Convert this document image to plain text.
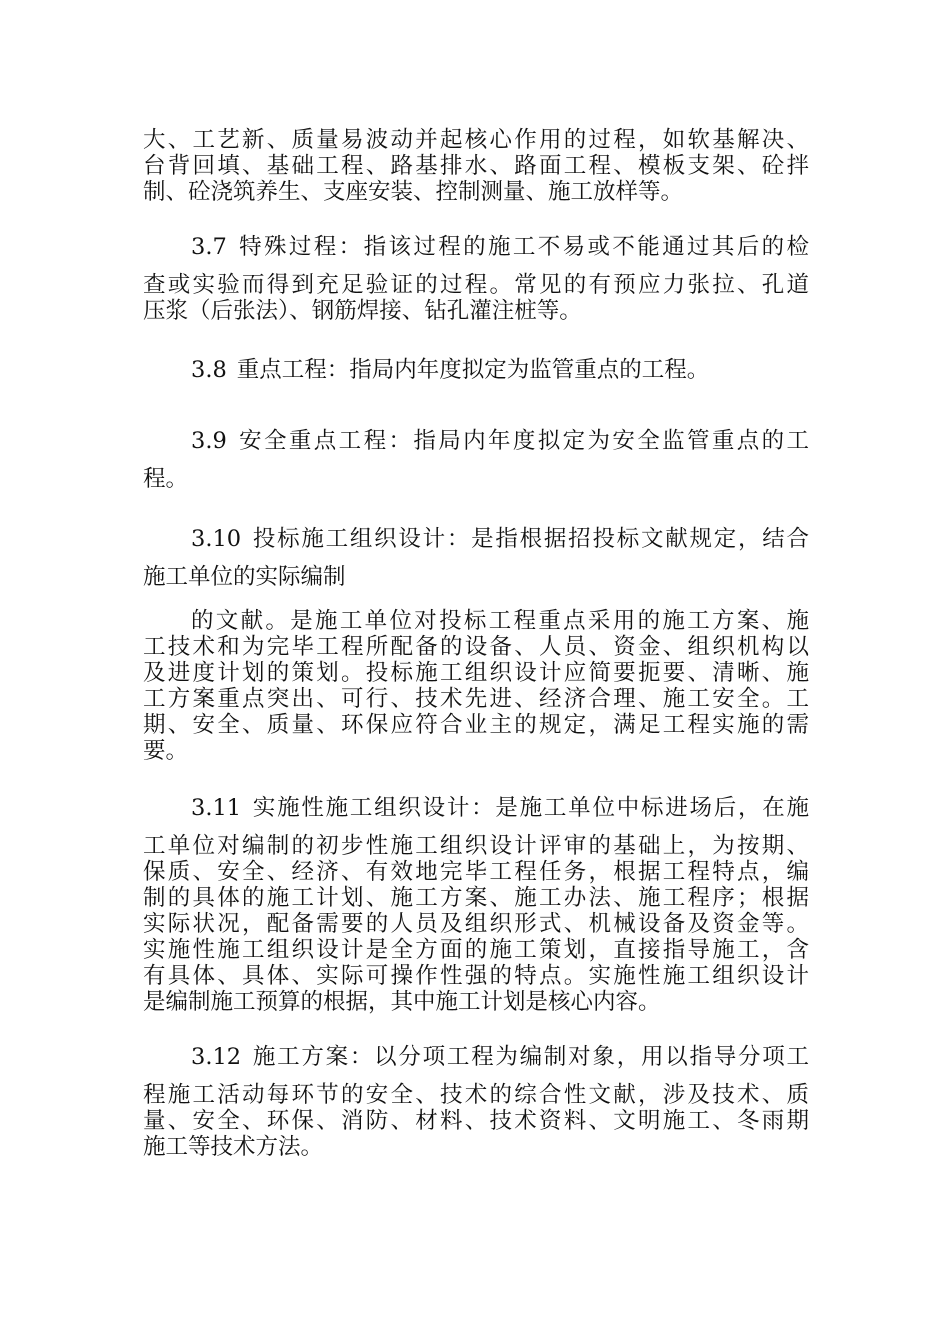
大、工艺新、质量易波动并起核心作用的过程，如软基解决、
台背回填、基础工程、路基排水、路面工程、模板支架、砼拌
制、砼浇筑养生、支座安装、控制测量、施工放样等。
3.7 特殊过程：指该过程的施工不易或不能通过其后的检
查或实验而得到充足验证的过程。常见的有预应力张拉、孔道
压浆（后张法）、钢筋焊接、钻孔灌注桩等。
3.8 重点工程：指局内年度拟定为监管重点的工程。
3.9 安全重点工程：指局内年度拟定为安全监管重点的工
程。
3.10 投标施工组织设计：是指根据招投标文献规定，结合
施工单位的实际编制
的文献。是施工单位对投标工程重点采用的施工方案、施
工技术和为完毕工程所配备的设备、人员、资金、组织机构以
及进度计划的策划。投标施工组织设计应简要扼要、清晰、施
工方案重点突出、可行、技术先进、经济合理、施工安全。工
期、安全、质量、环保应符合业主的规定，满足工程实施的需
要。
3.11 实施性施工组织设计：是施工单位中标进场后，在施
工单位对编制的初步性施工组织设计评审的基础上，为按期、
保质、安全、经济、有效地完毕工程任务，根据工程特点，编
制的具体的施工计划、施工方案、施工办法、施工程序；根据
实际状况，配备需要的人员及组织形式、机械设备及资金等。
实施性施工组织设计是全方面的施工策划，直接指导施工，含
有具体、具体、实际可操作性强的特点。实施性施工组织设计
是编制施工预算的根据，其中施工计划是核心内容。
3.12 施工方案：以分项工程为编制对象，用以指导分项工
程施工活动每环节的安全、技术的综合性文献，涉及技术、质
量、安全、环保、消防、材料、技术资料、文明施工、冬雨期
施工等技术方法。
